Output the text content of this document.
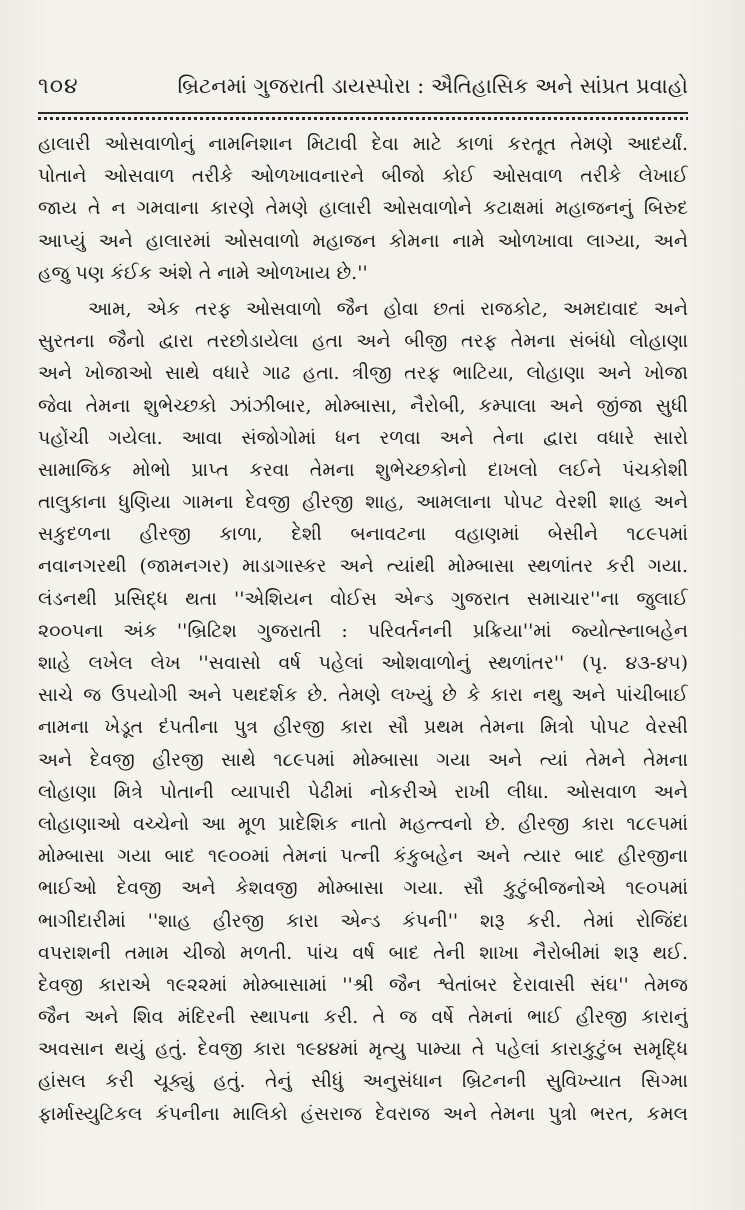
૧૦૪	બ્રિટનમાં ગુજરાતી ડાયસ્પોરા : ઐતિહાસિક અને સાંપ્રત પ્રવાહો
હાલારી ઓસવાળોનું નામનિશાન મિટાવી દેવા માટે કાળાં કરતૂત તેમણે આદર્યાં.
પોતાને ઓસવાળ તરીકે ઓળખાવનારને બીજો કોઈ ઓસવાળ તરીકે લેખાઈ
જાય તે ન ગમવાના કારણે તેમણે હાલારી ઓસવાળોને કટાક્ષમાં મહાજનનું બિરુદ
આપ્યું અને હાલારમાં ઓસવાળો મહાજન કોમના નામે ઓળખાવા લાગ્યા, અને
હજુ પણ કંઈક અંશે તે નામે ઓળખાય છે.''
આમ, એક તરફ ઓસવાળો જૈન હોવા છતાં રાજકોટ, અમદાવાદ અને
સુરતના જૈનો દ્વારા તરછોડાયેલા હતા અને બીજી તરફ તેમના સંબંધો લોહાણા
અને ખોજાઓ સાથે વધારે ગાઢ હતા. ત્રીજી તરફ ભાટિયા, લોહાણા અને ખોજા
જેવા તેમના શુભેચ્છકો ઝાંઝીબાર, મોમ્બાસા, નૈરોબી, કમ્પાલા અને જીંજા સુધી
પહોંચી ગયેલા. આવા સંજોગોમાં ધન રળવા અને તેના દ્વારા વધારે સારો
સામાજિક મોભો પ્રાપ્ત કરવા તેમના શુભેચ્છકોનો દાખલો લઈને પંચકોશી
તાલુકાના ધુણિયા ગામના દેવજી હીરજી શાહ, આમલાના પોપટ વેરશી શાહ અને
સકુદળના હીરજી કાળા, દેશી બનાવટના વહાણમાં બેસીને ૧૮૯૫માં
નવાનગરથી (જામનગર) માડાગાસ્કર અને ત્યાંથી મોમ્બાસા સ્થળાંતર કરી ગયા.
લંડનથી પ્રસિદ્ધ થતા ''એશિયન વોઈસ એન્ડ ગુજરાત સમાચાર''ના જુલાઈ
૨૦૦૫ના અંક ''બ્રિટિશ ગુજરાતી : પરિવર્તનની પ્રક્રિયા''માં જ્યોત્સ્નાબહેન
શાહે લખેલ લેખ ''સવાસો વર્ષ પહેલાં ઓશવાળોનું સ્થળાંતર'' (પૃ. ૪૩-૪૫)
સાચે જ ઉપયોગી અને પથદર્શક છે. તેમણે લખ્યું છે કે કારા નથુ અને પાંચીબાઈ
નામના ખેડૂત દંપતીના પુત્ર હીરજી કારા સૌ પ્રથમ તેમના મિત્રો પોપટ વેરસી
અને દેવજી હીરજી સાથે ૧૮૯૫માં મોમ્બાસા ગયા અને ત્યાં તેમને તેમના
લોહાણા મિત્રે પોતાની વ્યાપારી પેઢીમાં નોકરીએ રાખી લીધા. ઓસવાળ અને
લોહાણાઓ વચ્ચેનો આ મૂળ પ્રાદેશિક નાતો મહત્ત્વનો છે. હીરજી કારા ૧૮૯૫માં
મોમ્બાસા ગયા બાદ ૧૯૦૦માં તેમનાં પત્ની કંકુબહેન અને ત્યાર બાદ હીરજીના
ભાઈઓ દેવજી અને કેશવજી મોમ્બાસા ગયા. સૌ કુટુંબીજનોએ ૧૯૦૫માં
ભાગીદારીમાં ''શાહ હીરજી કારા એન્ડ કંપની'' શરૂ કરી. તેમાં રોજિંદા
વપરાશની તમામ ચીજો મળતી. પાંચ વર્ષ બાદ તેની શાખા નૈરોબીમાં શરૂ થઈ.
દેવજી કારાએ ૧૯૨૨માં મોમ્બાસામાં ''શ્રી જૈન શ્વેતાંબર દેરાવાસી સંઘ'' તેમજ
જૈન અને શિવ મંદિરની સ્થાપના કરી. તે જ વર્ષે તેમનાં ભાઈ હીરજી કારાનું
અવસાન થયું હતું. દેવજી કારા ૧૯૪૪માં મૃત્યુ પામ્યા તે પહેલાં કારાકુટુંબ સમૃદ્ધિ
હાંસલ કરી ચૂક્યું હતું. તેનું સીધું અનુસંધાન બ્રિટનની સુવિખ્યાત સિગ્મા
ફાર્માસ્યુટિકલ કંપનીના માલિકો હંસરાજ દેવરાજ અને તેમના પુત્રો ભરત, કમલ
